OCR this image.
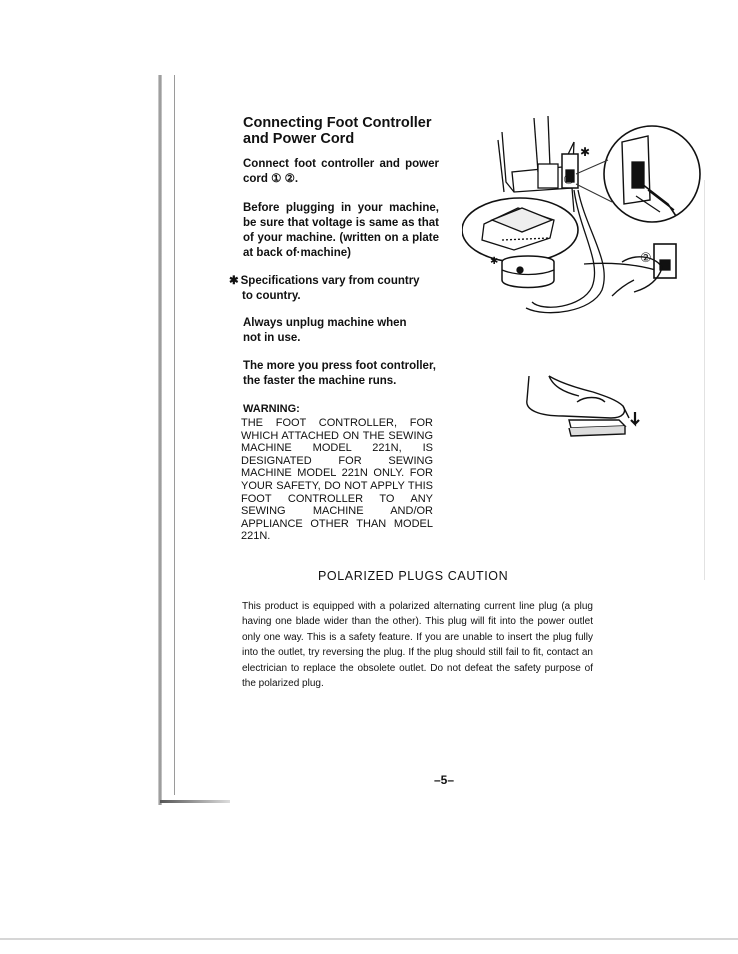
Connecting Foot Controller
and Power Cord

Connect foot controller and power cord ① ②.

Before plugging in your machine, be sure that voltage is same as that of your machine. (written on a plate at back of·machine)

✱ Specifications vary from country
to country.

Always unplug machine when not in use.

The more you press foot controller, the faster the machine runs.

WARNING:

THE FOOT CONTROLLER, FOR WHICH ATTACHED ON THE SEWING MACHINE MODEL 221N, IS DESIGNATED FOR SEWING MACHINE MODEL 221N ONLY. FOR YOUR SAFETY, DO NOT APPLY THIS FOOT CONTROLLER TO ANY SEWING MACHINE AND/OR APPLIANCE OTHER THAN MODEL 221N.

①
✱
②
✱

POLARIZED PLUGS CAUTION

This product is equipped with a polarized alternating current line plug (a plug having one blade wider than the other). This plug will fit into the power outlet only one way. This is a safety feature. If you are unable to insert the plug fully into the outlet, try reversing the plug. If the plug should still fail to fit, contact an electrician to replace the obsolete outlet. Do not defeat the safety purpose of the polarized plug.

–5–
